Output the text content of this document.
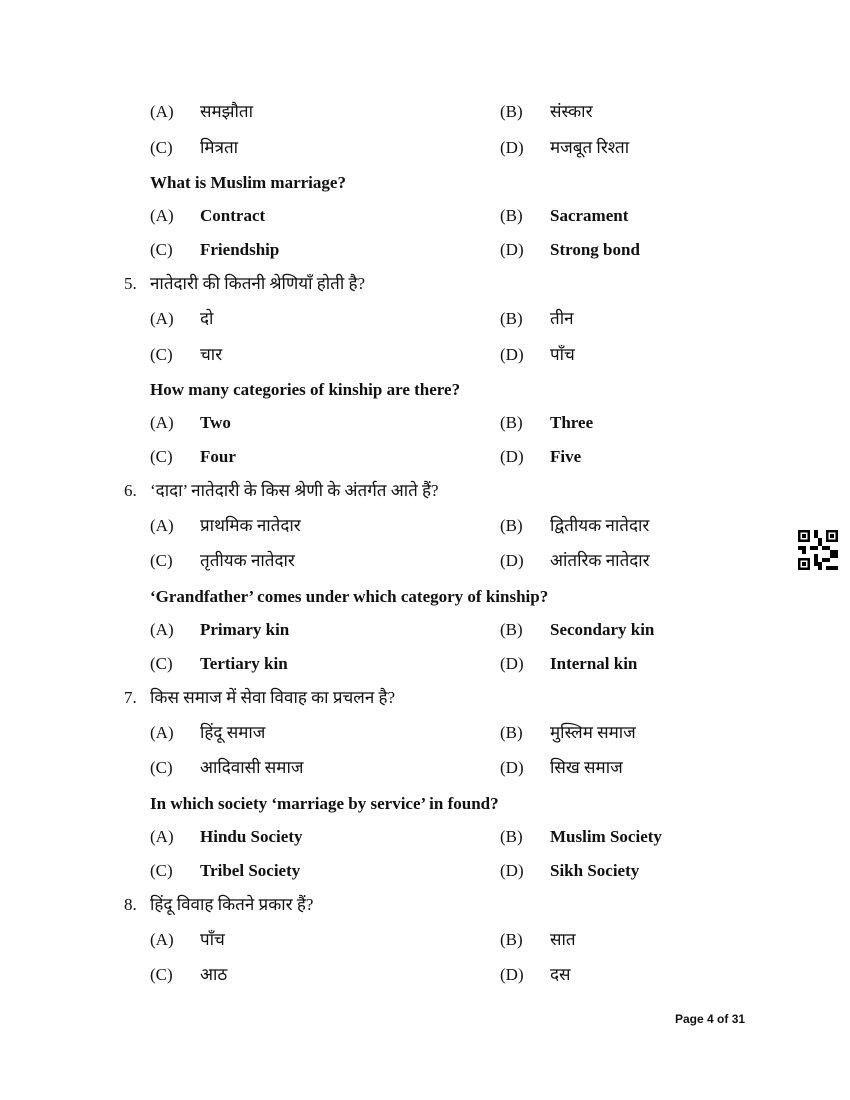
(A) समझौता	(B) संस्कार
(C) मित्रता	(D) मजबूत रिश्ता
What is Muslim marriage?
(A) Contract	(B) Sacrament
(C) Friendship	(D) Strong bond
5. नातेदारी की कितनी श्रेणियाँ होती है?
(A) दो	(B) तीन
(C) चार	(D) पाँच
How many categories of kinship are there?
(A) Two	(B) Three
(C) Four	(D) Five
6. ‘दादा’ नातेदारी के किस श्रेणी के अंतर्गत आते हैं?
(A) प्राथमिक नातेदार	(B) द्वितीयक नातेदार
(C) तृतीयक नातेदार	(D) आंतरिक नातेदार
‘Grandfather’ comes under which category of kinship?
(A) Primary kin	(B) Secondary kin
(C) Tertiary kin	(D) Internal kin
7. किस समाज में सेवा विवाह का प्रचलन है?
(A) हिंदू समाज	(B) मुस्लिम समाज
(C) आदिवासी समाज	(D) सिख समाज
In which society ‘marriage by service’ in found?
(A) Hindu Society	(B) Muslim Society
(C) Tribel Society	(D) Sikh Society
8. हिंदू विवाह कितने प्रकार हैं?
(A) पाँच	(B) सात
(C) आठ	(D) दस
Page 4 of 31
